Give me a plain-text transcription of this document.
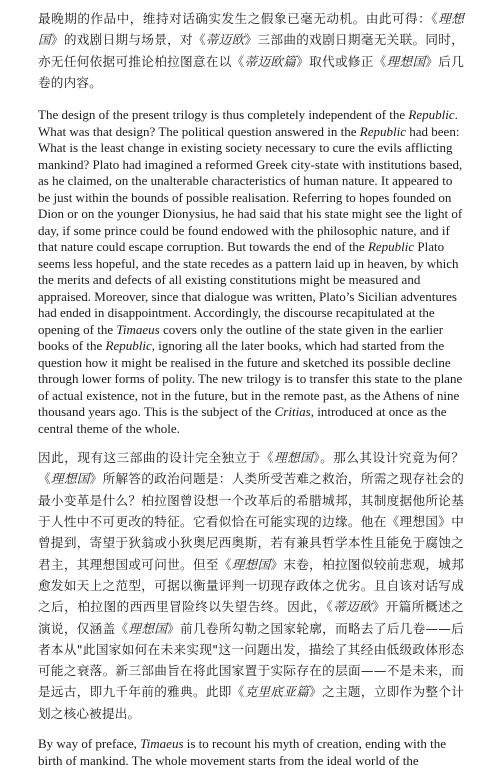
最晚期的作品中，维持对话确实发生之假象已毫无动机。由此可得：《理想国》的戏剧日期与场景，对《蒂迈欧》三部曲的戏剧日期毫无关联。同时，亦无任何依据可推论柏拉图意在以《蒂迈欧篇》取代或修正《理想国》后几卷的内容。

The design of the present trilogy is thus completely independent of the Republic. What was that design? The political question answered in the Republic had been: What is the least change in existing society necessary to cure the evils afflicting mankind? Plato had imagined a reformed Greek city-state with institutions based, as he claimed, on the unalterable characteristics of human nature. It appeared to be just within the bounds of possible realisation. Referring to hopes founded on Dion or on the younger Dionysius, he had said that his state might see the light of day, if some prince could be found endowed with the philosophic nature, and if that nature could escape corruption. But towards the end of the Republic Plato seems less hopeful, and the state recedes as a pattern laid up in heaven, by which the merits and defects of all existing constitutions might be measured and appraised. Moreover, since that dialogue was written, Plato’s Sicilian adventures had ended in disappointment. Accordingly, the discourse recapitulated at the opening of the Timaeus covers only the outline of the state given in the earlier books of the Republic, ignoring all the later books, which had started from the question how it might be realised in the future and sketched its possible decline through lower forms of polity. The new trilogy is to transfer this state to the plane of actual existence, not in the future, but in the remote past, as the Athens of nine thousand years ago. This is the subject of the Critias, introduced at once as the central theme of the whole.

因此，现有这三部曲的设计完全独立于《理想国》。那么其设计究竟为何？《理想国》所解答的政治问题是：人类所受苦难之救治，所需之现存社会的最小变革是什么？柏拉图曾设想一个改革后的希腊城邦，其制度据他所论基于人性中不可更改的特征。它看似恰在可能实现的边缘。他在《理想国》中曾提到，寄望于狄翁或小狄奥尼西奥斯，若有兼具哲学本性且能免于腐蚀之君主，其理想国或可问世。但至《理想国》末卷，柏拉图似较前悲观，城邦愈发如天上之范型，可据以衡量评判一切现存政体之优劣。且自该对话写成之后，柏拉图的西西里冒险终以失望告终。因此，《蒂迈欧》开篇所概述之演说，仅涵盖《理想国》前几卷所勾勒之国家轮廓，而略去了后几卷——后者本从"此国家如何在未来实现"这一问题出发，描绘了其经由低级政体形态可能之衰落。新三部曲旨在将此国家置于实际存在的层面——不是未来，而是远古，即九千年前的雅典。此即《克里底亚篇》之主题，立即作为整个计划之核心被提出。

By way of preface, Timaeus is to recount his myth of creation, ending with the birth of mankind. The whole movement starts from the ideal world of the
